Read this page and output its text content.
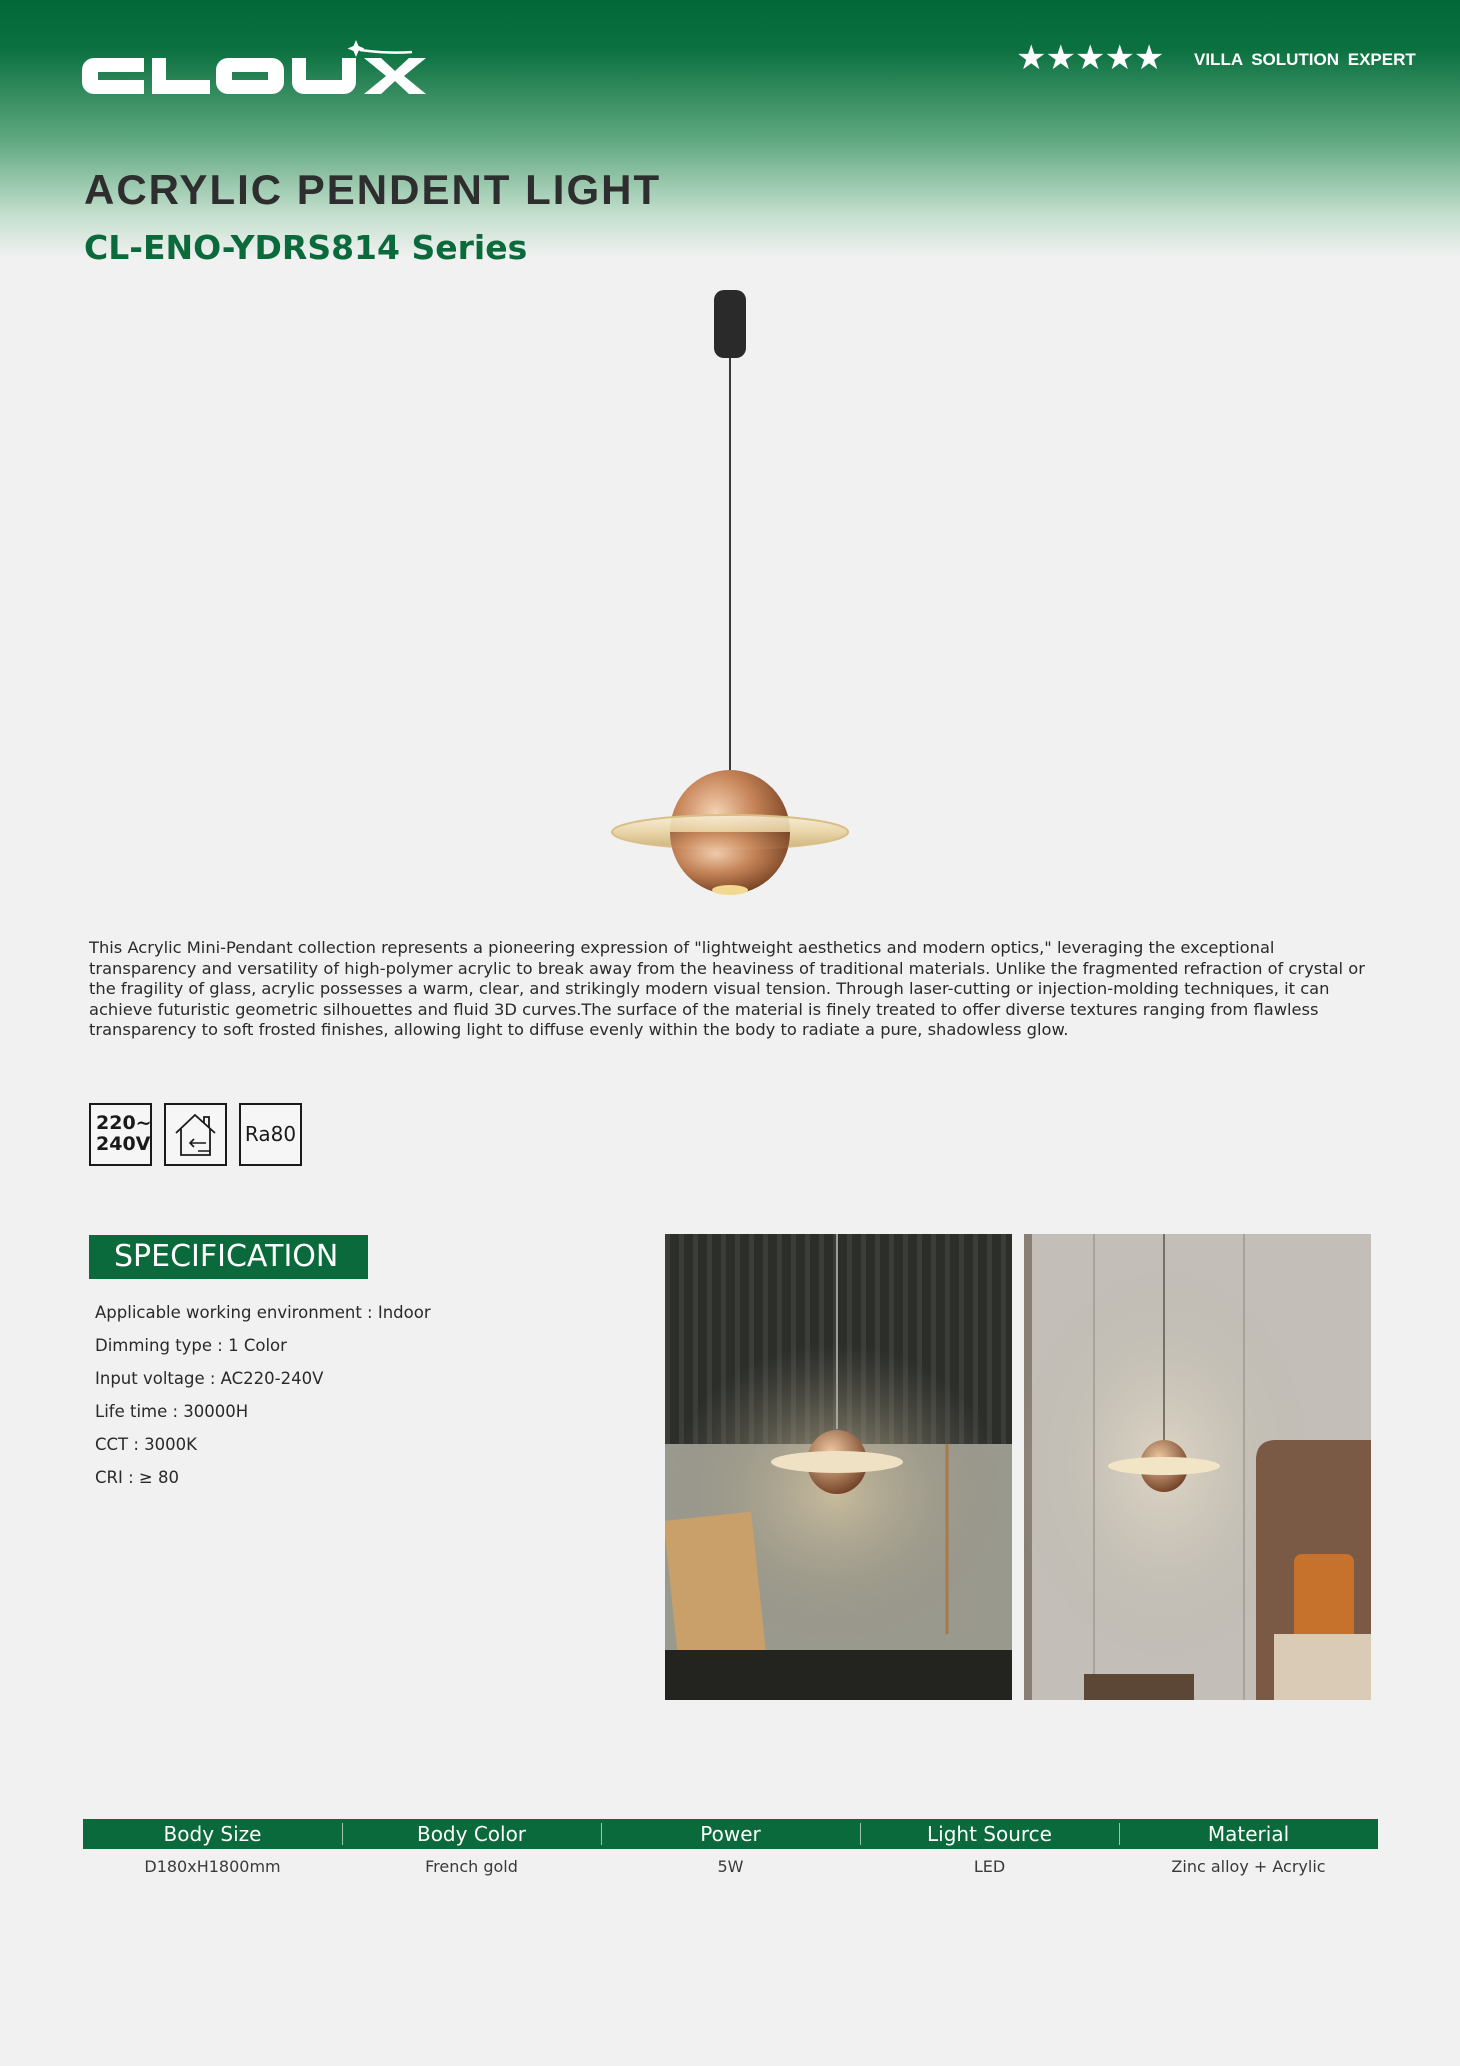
★★★★★ VILLA SOLUTION EXPERT
ACRYLIC PENDENT LIGHT
CL-ENO-YDRS814 Series

This Acrylic Mini-Pendant collection represents a pioneering expression of "lightweight aesthetics and modern optics," leveraging the exceptional transparency and versatility of high-polymer acrylic to break away from the heaviness of traditional materials. Unlike the fragmented refraction of crystal or the fragility of glass, acrylic possesses a warm, clear, and strikingly modern visual tension. Through laser-cutting or injection-molding techniques, it can achieve futuristic geometric silhouettes and fluid 3D curves.The surface of the material is finely treated to offer diverse textures ranging from flawless transparency to soft frosted finishes, allowing light to diffuse evenly within the body to radiate a pure, shadowless glow.

220~
240V	Ra80
SPECIFICATION
Applicable working environment : Indoor
Dimming type : 1 Color
Input voltage : AC220-240V
Life time : 30000H
CCT : 3000K
CRI : ≥ 80
Body Size	Body Color	Power	Light Source	Material
D180xH1800mm	French gold	5W	LED	Zinc alloy + Acrylic
